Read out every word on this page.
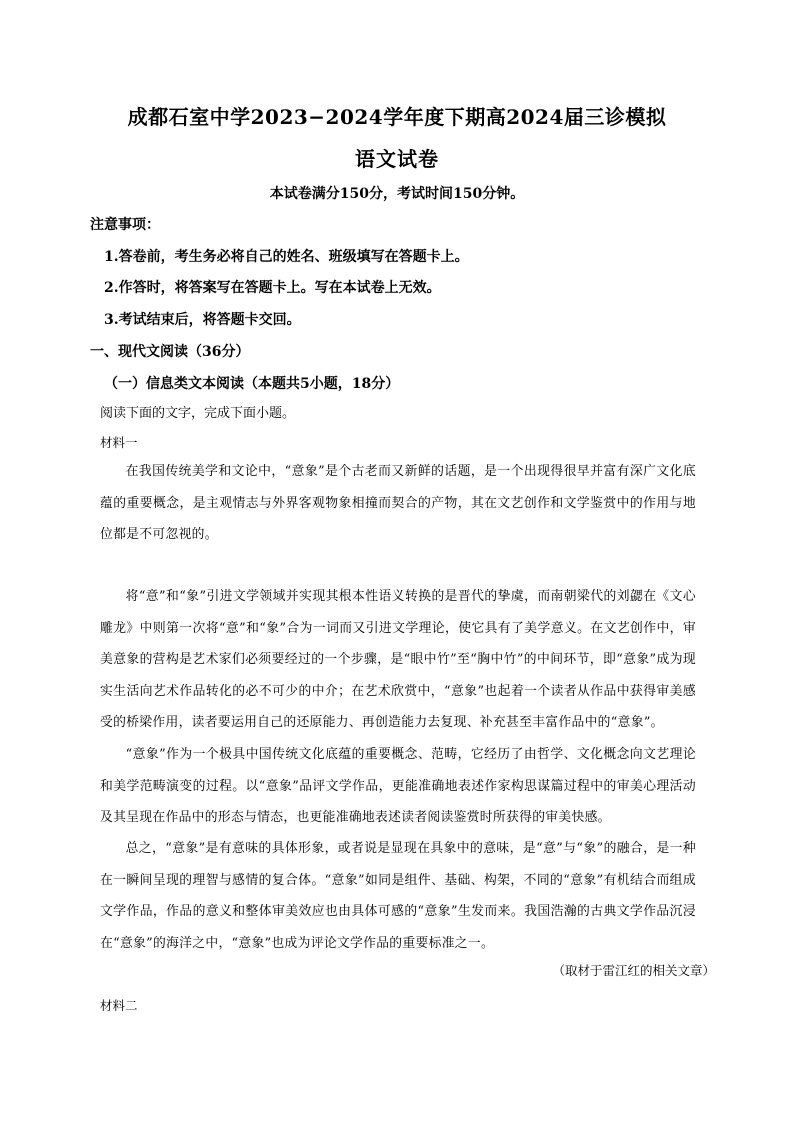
成都石室中学2023−2024学年度下期高2024届三诊模拟
语文试卷
本试卷满分150分，考试时间150分钟。
注意事项：
1.答卷前，考生务必将自己的姓名、班级填写在答题卡上。
2.作答时，将答案写在答题卡上。写在本试卷上无效。
3.考试结束后，将答题卡交回。
一、现代文阅读（36分）
（一）信息类文本阅读（本题共5小题，18分）
阅读下面的文字，完成下面小题。
材料一
在我国传统美学和文论中，“意象”是个古老而又新鲜的话题，是一个出现得很早并富有深广文化底蕴的重要概念，是主观情志与外界客观物象相撞而契合的产物，其在文艺创作和文学鉴赏中的作用与地位都是不可忽视的。
将“意”和“象”引进文学领域并实现其根本性语义转换的是晋代的挚虞，而南朝梁代的刘勰在《文心雕龙》中则第一次将“意”和“象”合为一词而又引进文学理论，使它具有了美学意义。在文艺创作中，审美意象的营构是艺术家们必须要经过的一个步骤，是“眼中竹”至“胸中竹”的中间环节，即“意象”成为现实生活向艺术作品转化的必不可少的中介；在艺术欣赏中，“意象”也起着一个读者从作品中获得审美感受的桥梁作用，读者要运用自己的还原能力、再创造能力去复现、补充甚至丰富作品中的“意象”。
“意象”作为一个极具中国传统文化底蕴的重要概念、范畴，它经历了由哲学、文化概念向文艺理论和美学范畴演变的过程。以“意象”品评文学作品，更能准确地表述作家构思谋篇过程中的审美心理活动及其呈现在作品中的形态与情态，也更能准确地表述读者阅读鉴赏时所获得的审美快感。
总之，“意象”是有意味的具体形象，或者说是显现在具象中的意味，是“意”与“象”的融合，是一种在一瞬间呈现的理智与感情的复合体。“意象”如同是组件、基础、构架，不同的“意象”有机结合而组成文学作品，作品的意义和整体审美效应也由具体可感的“意象”生发而来。我国浩瀚的古典文学作品沉浸在“意象”的海洋之中，“意象”也成为评论文学作品的重要标准之一。
（取材于雷江红的相关文章）
材料二
